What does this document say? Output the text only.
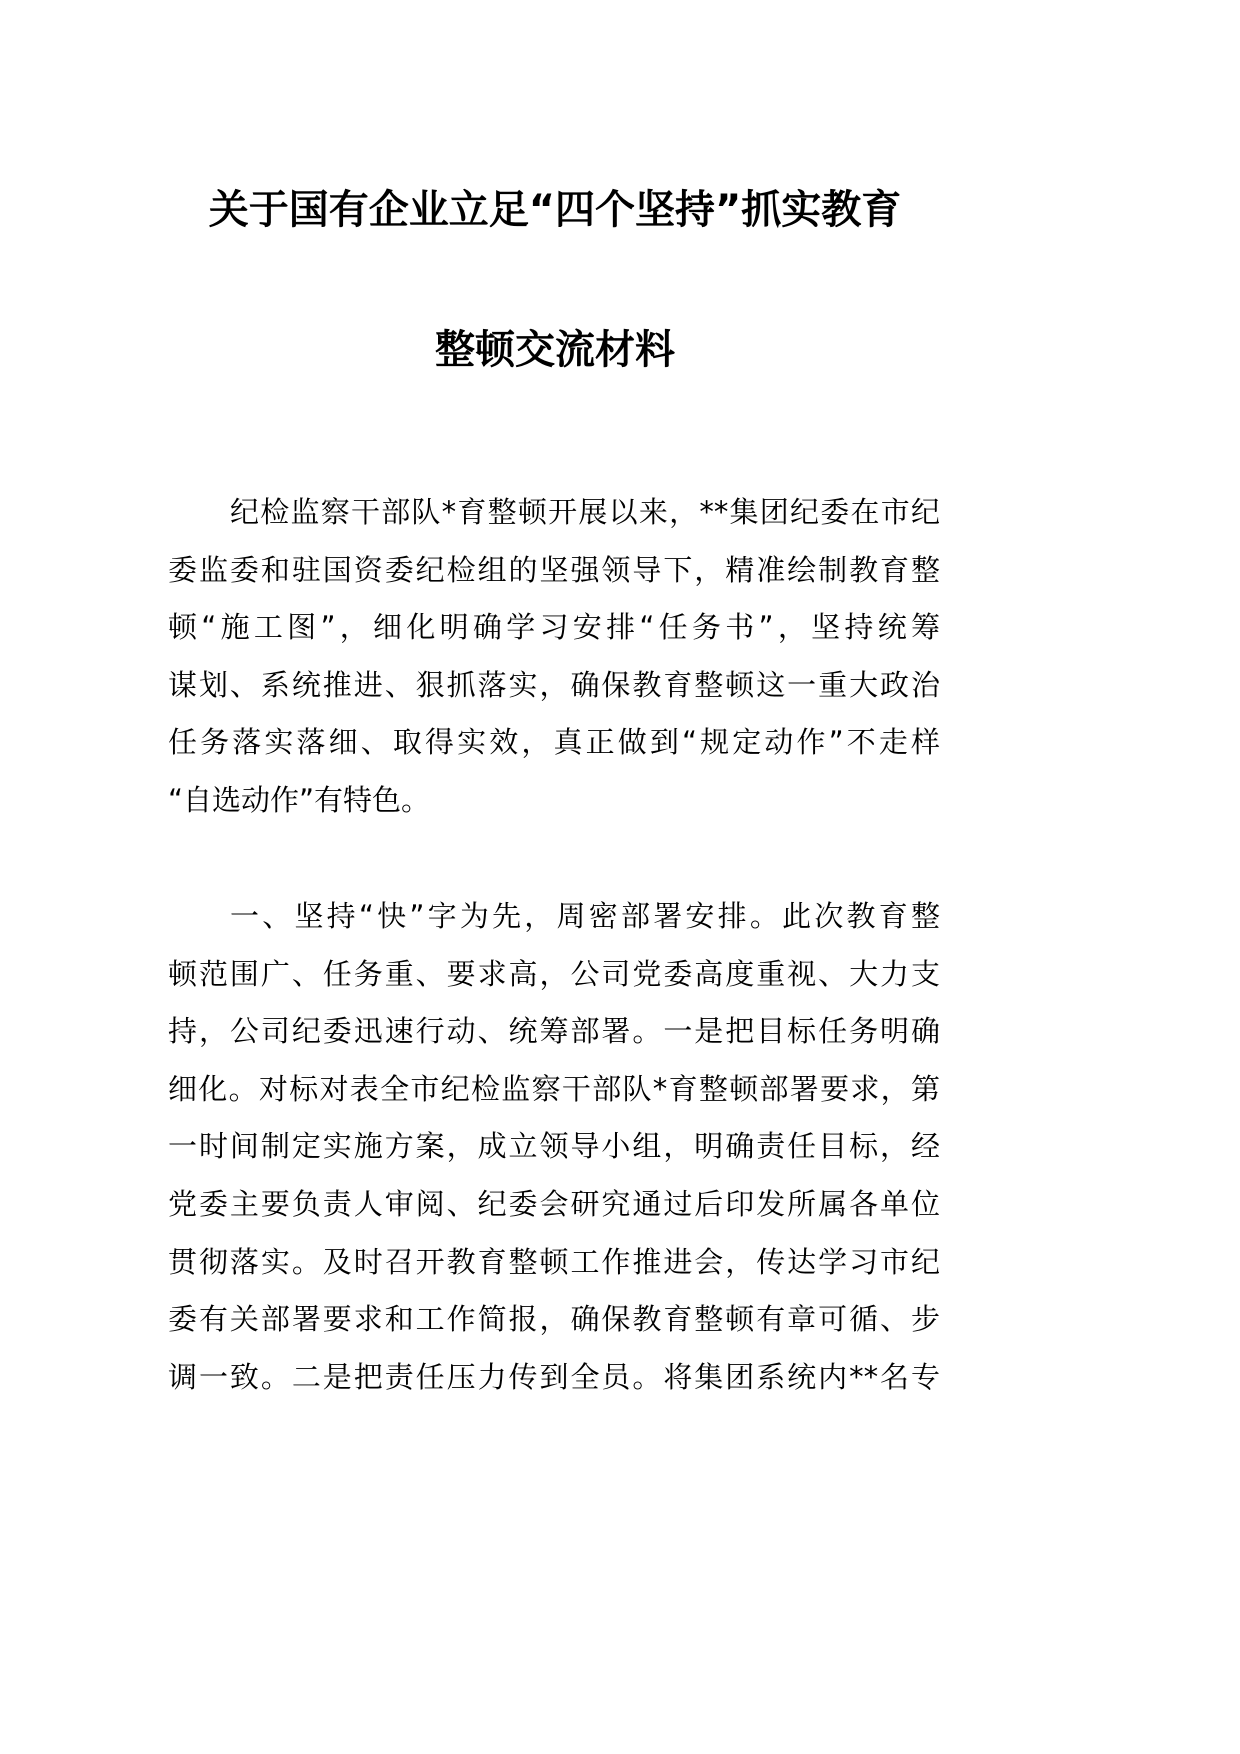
关于国有企业立足“四个坚持”抓实教育
整顿交流材料
纪检监察干部队*育整顿开展以来，**集团纪委在市纪
委监委和驻国资委纪检组的坚强领导下，精准绘制教育整
顿“施工图”，细化明确学习安排“任务书”，坚持统筹
谋划、系统推进、狠抓落实，确保教育整顿这一重大政治
任务落实落细、取得实效，真正做到“规定动作”不走样
“自选动作”有特色。
一、坚持“快”字为先，周密部署安排。此次教育整
顿范围广、任务重、要求高，公司党委高度重视、大力支
持，公司纪委迅速行动、统筹部署。一是把目标任务明确
细化。对标对表全市纪检监察干部队*育整顿部署要求，第
一时间制定实施方案，成立领导小组，明确责任目标，经
党委主要负责人审阅、纪委会研究通过后印发所属各单位
贯彻落实。及时召开教育整顿工作推进会，传达学习市纪
委有关部署要求和工作简报，确保教育整顿有章可循、步
调一致。二是把责任压力传到全员。将集团系统内**名专
